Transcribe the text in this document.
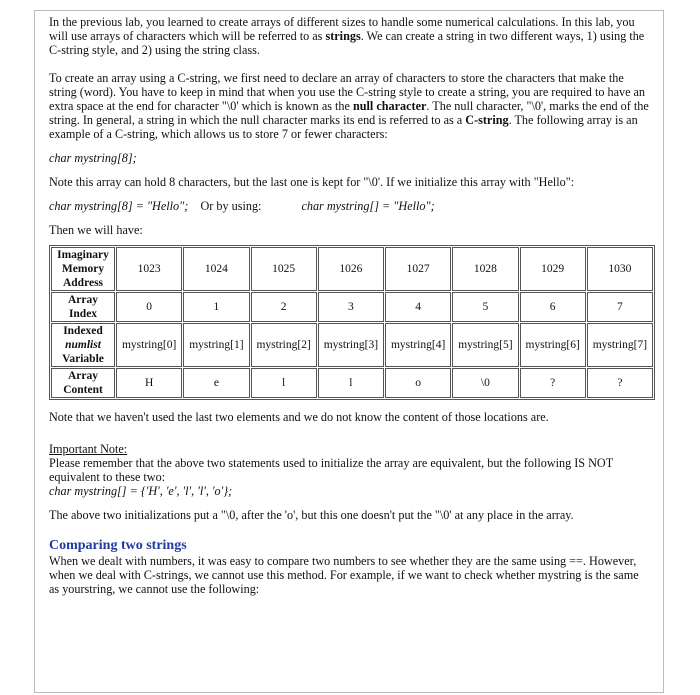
In the previous lab, you learned to create arrays of different sizes to handle some numerical calculations. In this lab, you will use arrays of characters which will be referred to as strings. We can create a string in two different ways, 1) using the C-string style, and 2) using the string class.

To create an array using a C-string, we first need to declare an array of characters to store the characters that make the string (word). You have to keep in mind that when you use the C-string style to create a string, you are required to have an extra space at the end for character "\0' which is known as the null character. The null character, "\0', marks the end of the string. In general, a string in which the null character marks its end is referred to as a C-string. The following array is an example of a C-string, which allows us to store 7 or fewer characters:

char mystring[8];

Note this array can hold 8 characters, but the last one is kept for "\0'. If we initialize this array with "Hello":

char mystring[8] = "Hello"; Or by using:	char mystring[] = "Hello";

Then we will have:

Imaginary
Memory
Address	1023	1024	1025	1026	1027	1028	1029	1030
Array
Index	0	1	2	3	4	5	6	7
Indexed
numlist
Variable	mystring[0]	mystring[1]	mystring[2]	mystring[3]	mystring[4]	mystring[5]	mystring[6]	mystring[7]
Array
Content	H	e	l	l	o	\0	?	?

Note that we haven't used the last two elements and we do not know the content of those locations are.

Important Note:

Please remember that the above two statements used to initialize the array are equivalent, but the following IS NOT equivalent to these two:

char mystring[] = {'H', 'e', 'l', 'l', 'o'};

The above two initializations put a "\0, after the 'o', but this one doesn't put the "\0' at any place in the array.

Comparing two strings

When we dealt with numbers, it was easy to compare two numbers to see whether they are the same using ==. However, when we deal with C-strings, we cannot use this method. For example, if we want to check whether mystring is the same as yourstring, we cannot use the following:
